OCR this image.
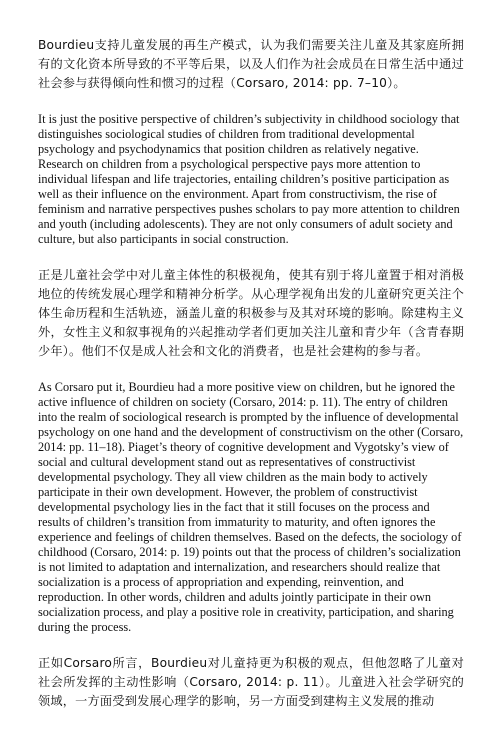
Bourdieu支持儿童发展的再生产模式，认为我们需要关注儿童及其家庭所拥有的文化资本所导致的不平等后果，以及人们作为社会成员在日常生活中通过社会参与获得倾向性和惯习的过程（Corsaro, 2014: pp. 7–10）。

It is just the positive perspective of children’s subjectivity in childhood sociology that distinguishes sociological studies of children from traditional developmental psychology and psychodynamics that position children as relatively negative. Research on children from a psychological perspective pays more attention to individual lifespan and life trajectories, entailing children’s positive participation as well as their influence on the environment. Apart from constructivism, the rise of feminism and narrative perspectives pushes scholars to pay more attention to children and youth (including adolescents). They are not only consumers of adult society and culture, but also participants in social construction.

正是儿童社会学中对儿童主体性的积极视角，使其有别于将儿童置于相对消极地位的传统发展心理学和精神分析学。从心理学视角出发的儿童研究更关注个体生命历程和生活轨迹，涵盖儿童的积极参与及其对环境的影响。除建构主义外，女性主义和叙事视角的兴起推动学者们更加关注儿童和青少年（含青春期少年）。他们不仅是成人社会和文化的消费者，也是社会建构的参与者。

As Corsaro put it, Bourdieu had a more positive view on children, but he ignored the active influence of children on society (Corsaro, 2014: p. 11). The entry of children into the realm of sociological research is prompted by the influence of developmental psychology on one hand and the development of constructivism on the other (Corsaro, 2014: pp. 11–18). Piaget’s theory of cognitive development and Vygotsky’s view of social and cultural development stand out as representatives of constructivist developmental psychology. They all view children as the main body to actively participate in their own development. However, the problem of constructivist developmental psychology lies in the fact that it still focuses on the process and results of children’s transition from immaturity to maturity, and often ignores the experience and feelings of children themselves. Based on the defects, the sociology of childhood (Corsaro, 2014: p. 19) points out that the process of children’s socialization is not limited to adaptation and internalization, and researchers should realize that socialization is a process of appropriation and expending, reinvention, and reproduction. In other words, children and adults jointly participate in their own socialization process, and play a positive role in creativity, participation, and sharing during the process.

正如Corsaro所言，Bourdieu对儿童持更为积极的观点，但他忽略了儿童对社会所发挥的主动性影响（Corsaro, 2014: p. 11）。儿童进入社会学研究的领域，一方面受到发展心理学的影响，另一方面受到建构主义发展的推动
